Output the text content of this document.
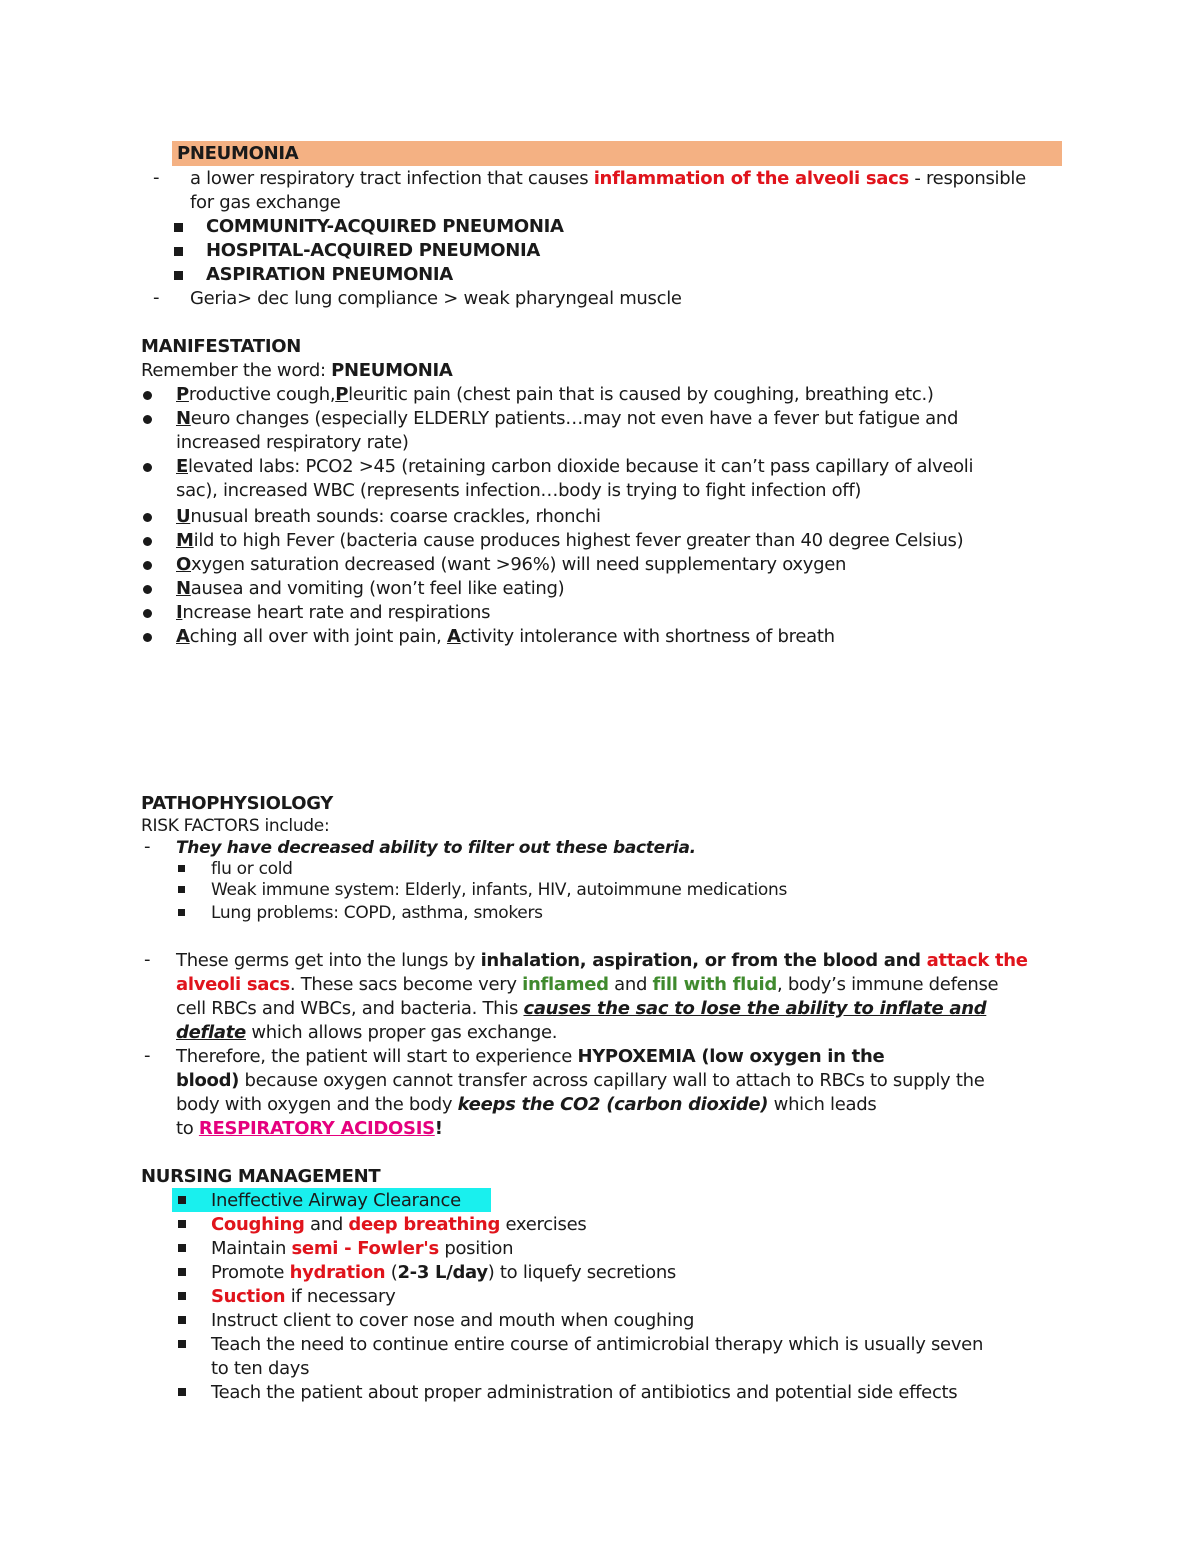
PNEUMONIA
-	a lower respiratory tract infection that causes inflammation of the alveoli sacs - responsible
for gas exchange
COMMUNITY-ACQUIRED PNEUMONIA
HOSPITAL-ACQUIRED PNEUMONIA
ASPIRATION PNEUMONIA
-	Geria> dec lung compliance > weak pharyngeal muscle
MANIFESTATION
Remember the word: PNEUMONIA
Productive cough,Pleuritic pain (chest pain that is caused by coughing, breathing etc.)
Neuro changes (especially ELDERLY patients…may not even have a fever but fatigue and
increased respiratory rate)
Elevated labs: PCO2 >45 (retaining carbon dioxide because it can’t pass capillary of alveoli
sac), increased WBC (represents infection…body is trying to fight infection off)
Unusual breath sounds: coarse crackles, rhonchi
Mild to high Fever (bacteria cause produces highest fever greater than 40 degree Celsius)
Oxygen saturation decreased (want >96%) will need supplementary oxygen
Nausea and vomiting (won’t feel like eating)
Increase heart rate and respirations
Aching all over with joint pain, Activity intolerance with shortness of breath
PATHOPHYSIOLOGY
RISK FACTORS include:
-	They have decreased ability to filter out these bacteria.
flu or cold
Weak immune system: Elderly, infants, HIV, autoimmune medications
Lung problems: COPD, asthma, smokers
-	These germs get into the lungs by inhalation, aspiration, or from the blood and attack the
alveoli sacs. These sacs become very inflamed and fill with fluid, body’s immune defense
cell RBCs and WBCs, and bacteria. This causes the sac to lose the ability to inflate and
deflate which allows proper gas exchange.
-	Therefore, the patient will start to experience HYPOXEMIA (low oxygen in the
blood) because oxygen cannot transfer across capillary wall to attach to RBCs to supply the
body with oxygen and the body keeps the CO2 (carbon dioxide) which leads
to RESPIRATORY ACIDOSIS!
NURSING MANAGEMENT
Ineffective Airway Clearance
Coughing and deep breathing exercises
Maintain semi - Fowler's position
Promote hydration (2-3 L/day) to liquefy secretions
Suction if necessary
Instruct client to cover nose and mouth when coughing
Teach the need to continue entire course of antimicrobial therapy which is usually seven
to ten days
Teach the patient about proper administration of antibiotics and potential side effects
